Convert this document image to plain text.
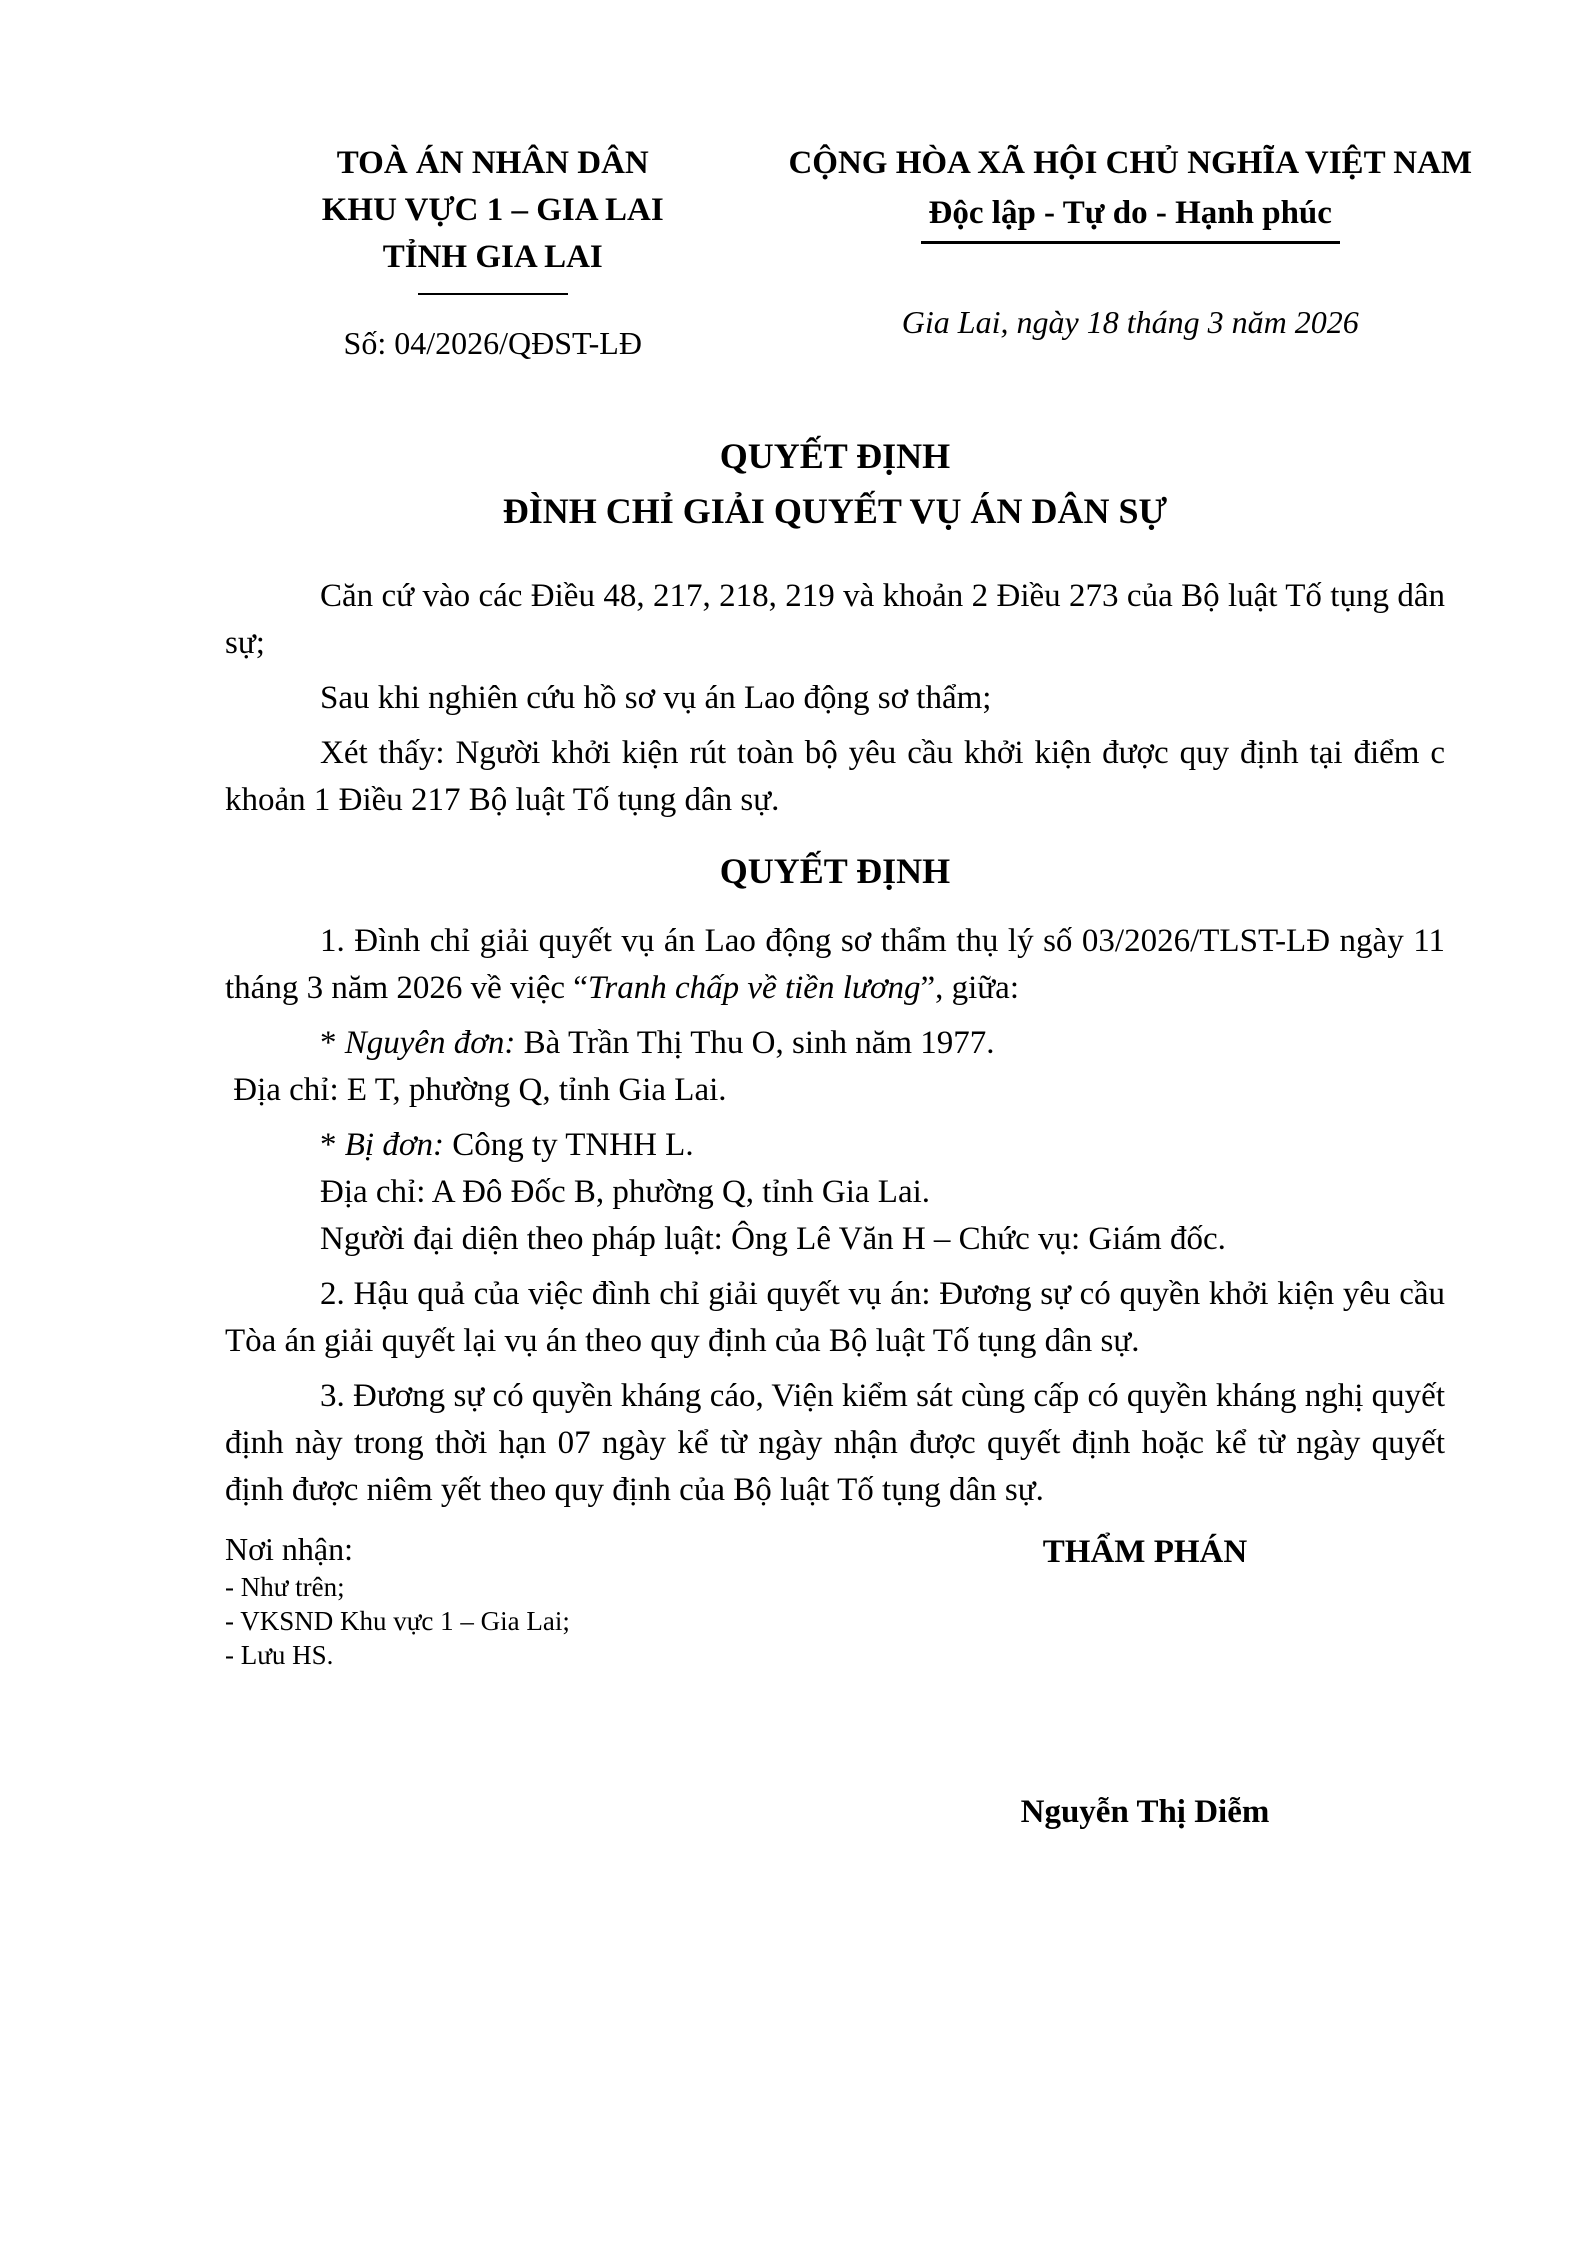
TOÀ ÁN NHÂN DÂN
KHU VỰC 1 – GIA LAI
TỈNH GIA LAI
Số: 04/2026/QĐST-LĐ
CỘNG HÒA XÃ HỘI CHỦ NGHĨA VIỆT NAM
Độc lập - Tự do - Hạnh phúc
Gia Lai, ngày 18 tháng 3 năm 2026
QUYẾT ĐỊNH
ĐÌNH CHỈ GIẢI QUYẾT VỤ ÁN DÂN SỰ
Căn cứ vào các Điều 48, 217, 218, 219 và khoản 2 Điều 273 của Bộ luật Tố tụng dân sự;
Sau khi nghiên cứu hồ sơ vụ án Lao động sơ thẩm;
Xét thấy: Người khởi kiện rút toàn bộ yêu cầu khởi kiện được quy định tại điểm c khoản 1 Điều 217 Bộ luật Tố tụng dân sự.
QUYẾT ĐỊNH
1. Đình chỉ giải quyết vụ án Lao động sơ thẩm thụ lý số 03/2026/TLST-LĐ ngày 11 tháng 3 năm 2026 về việc “Tranh chấp về tiền lương”, giữa:
* Nguyên đơn: Bà Trần Thị Thu O, sinh năm 1977.
Địa chỉ: E T, phường Q, tỉnh Gia Lai.
* Bị đơn: Công ty TNHH L.
Địa chỉ: A Đô Đốc B, phường Q, tỉnh Gia Lai.
Người đại diện theo pháp luật: Ông Lê Văn H – Chức vụ: Giám đốc.
2. Hậu quả của việc đình chỉ giải quyết vụ án: Đương sự có quyền khởi kiện yêu cầu Tòa án giải quyết lại vụ án theo quy định của Bộ luật Tố tụng dân sự.
3. Đương sự có quyền kháng cáo, Viện kiểm sát cùng cấp có quyền kháng nghị quyết định này trong thời hạn 07 ngày kể từ ngày nhận được quyết định hoặc kể từ ngày quyết định được niêm yết theo quy định của Bộ luật Tố tụng dân sự.
Nơi nhận:
- Như trên;
- VKSND Khu vực 1 – Gia Lai;
- Lưu HS.
THẨM PHÁN
Nguyễn Thị Diễm
